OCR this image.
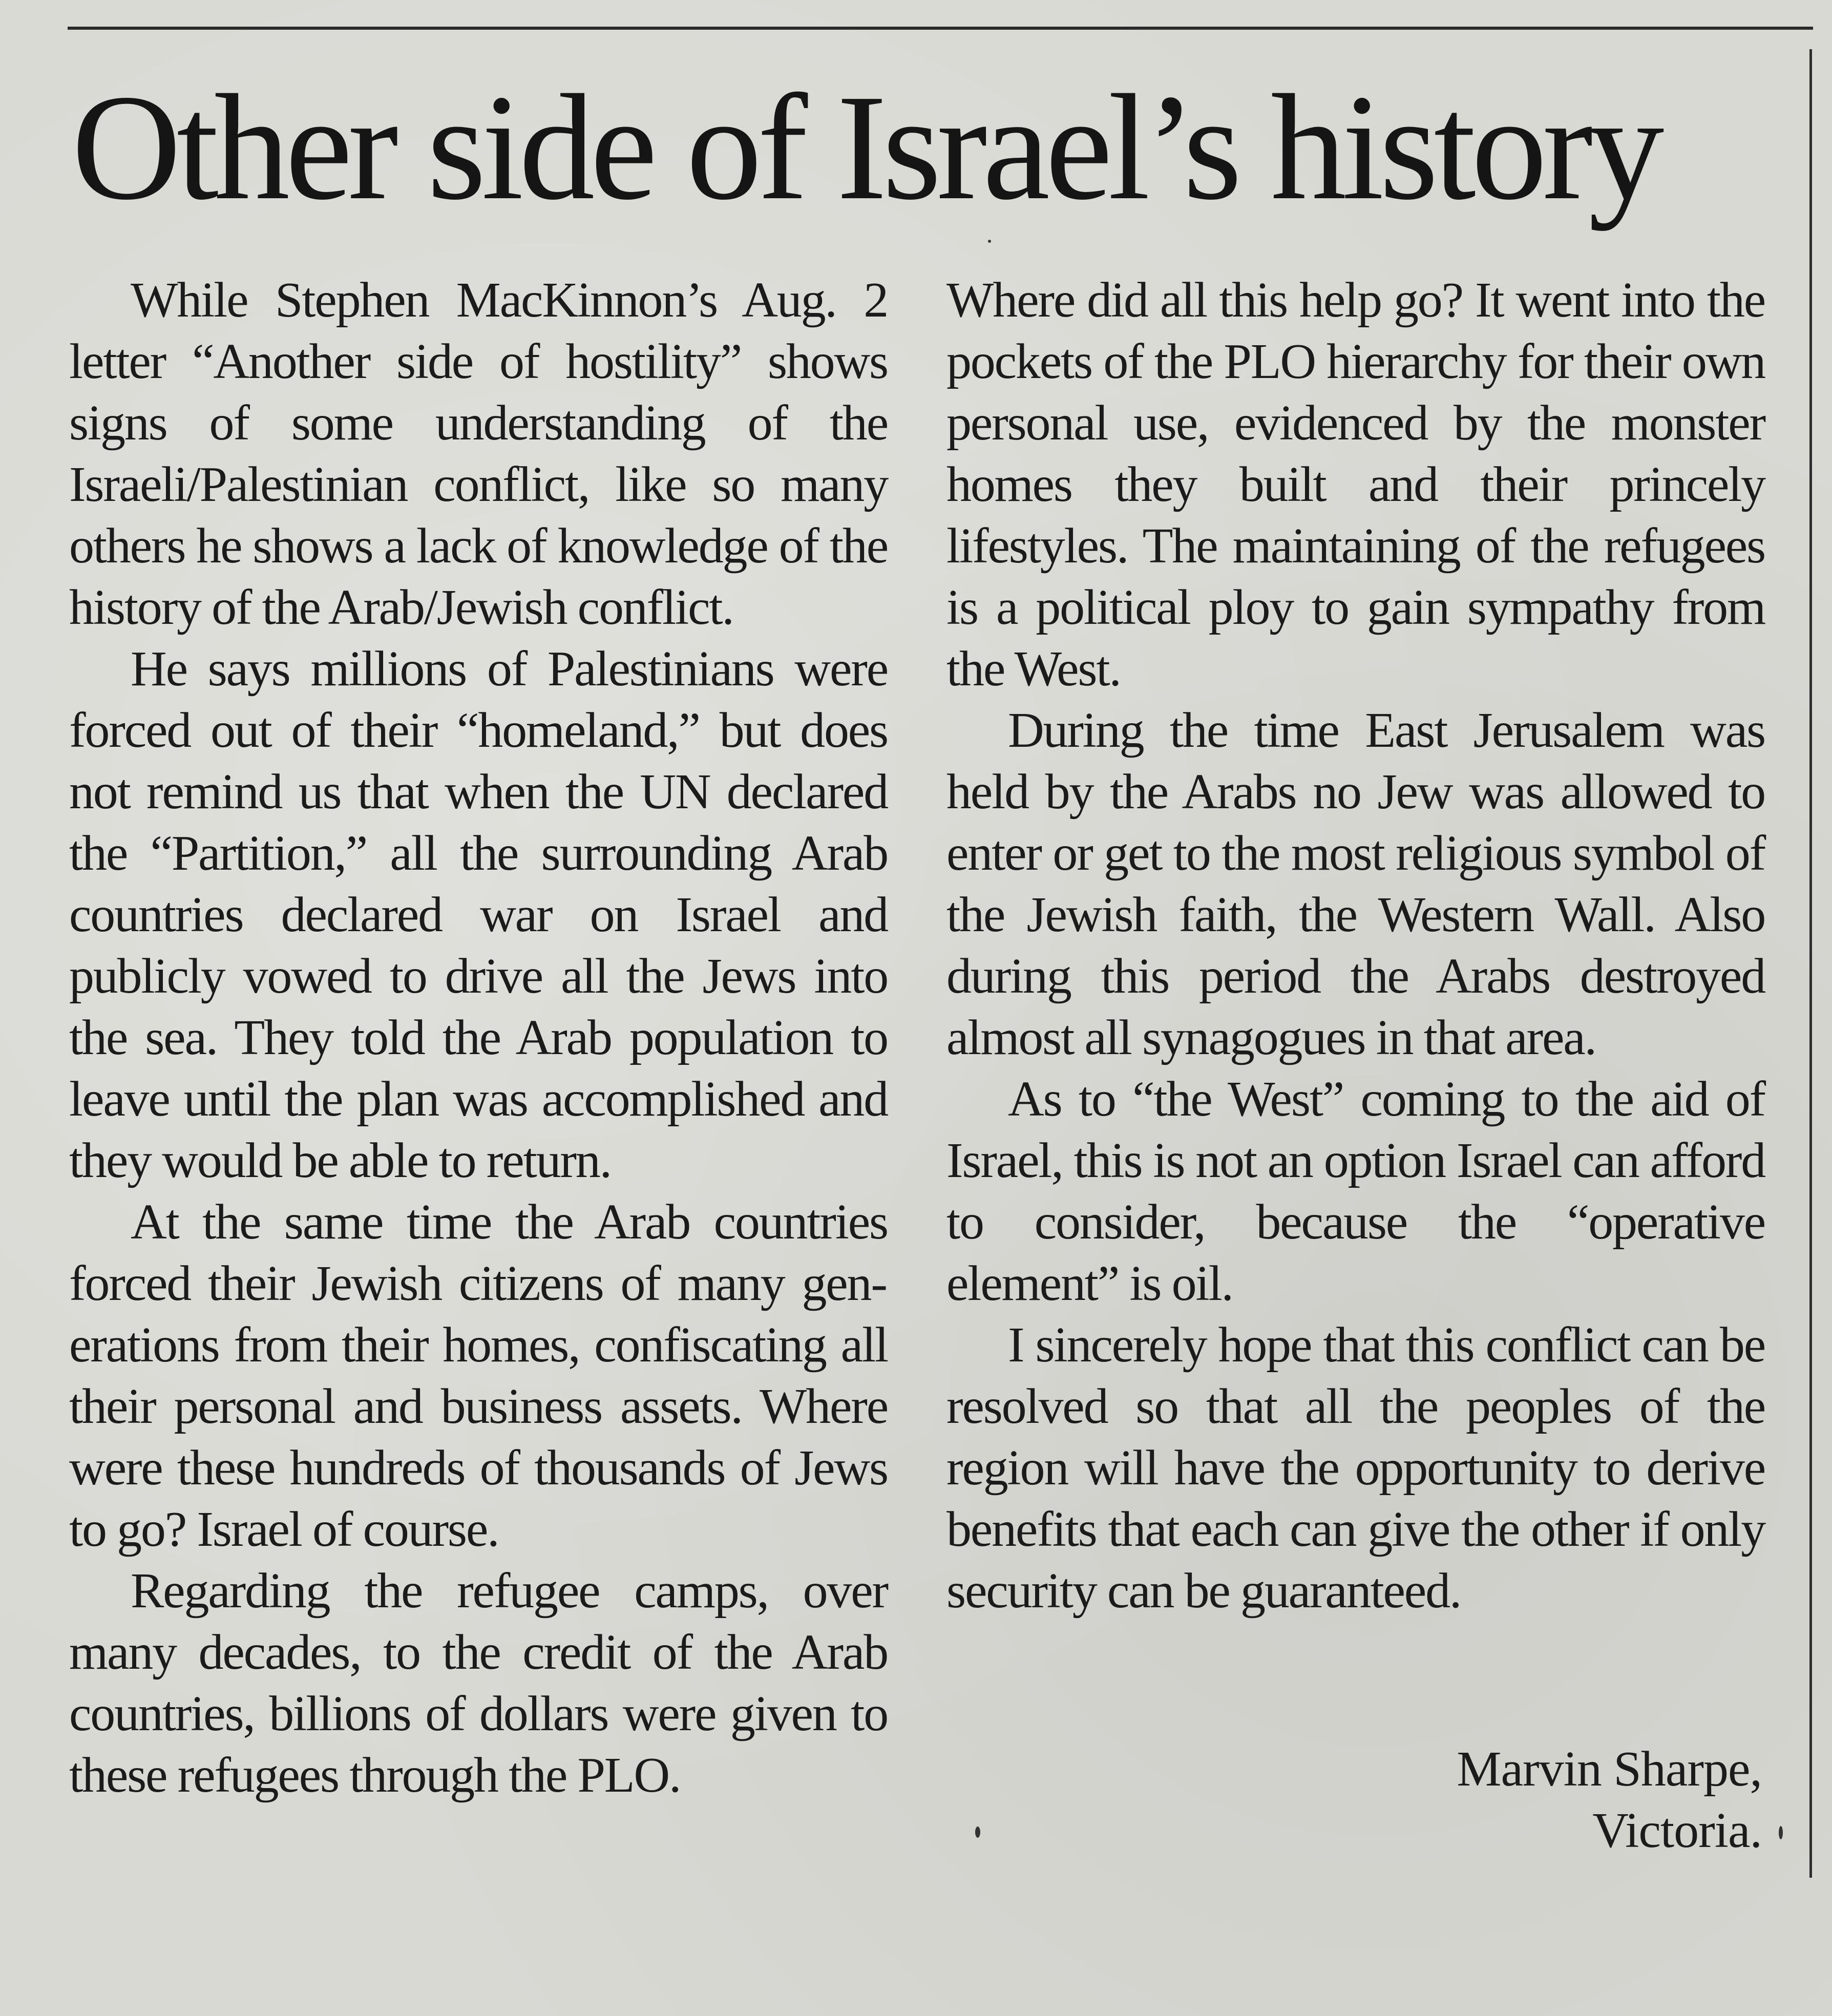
Other side of Israel’s history

While Stephen MacKinnon’s Aug. 2 letter “Another side of hostility” shows signs of some understanding of the Israeli/Palestinian conflict, like so many others he shows a lack of knowledge of the history of the Arab/Jewish conflict.

He says millions of Palestinians were forced out of their “homeland,” but does not remind us that when the UN declared the “Partition,” all the surrounding Arab countries declared war on Israel and publicly vowed to drive all the Jews into the sea. They told the Arab population to leave until the plan was accomplished and they would be able to return.

At the same time the Arab countries forced their Jewish citizens of many generations from their homes, confiscating all their personal and business assets. Where were these hundreds of thousands of Jews to go? Israel of course.

Regarding the refugee camps, over many decades, to the credit of the Arab countries, billions of dollars were given to these refugees through the PLO.

Where did all this help go? It went into the pockets of the PLO hierarchy for their own personal use, evidenced by the monster homes they built and their princely lifestyles. The maintaining of the refugees is a political ploy to gain sympathy from the West.

During the time East Jerusalem was held by the Arabs no Jew was allowed to enter or get to the most religious symbol of the Jewish faith, the Western Wall. Also during this period the Arabs destroyed almost all synagogues in that area.

As to “the West” coming to the aid of Israel, this is not an option Israel can afford to consider, because the “operative element” is oil.

I sincerely hope that this conflict can be resolved so that all the peoples of the region will have the opportunity to derive benefits that each can give the other if only security can be guaranteed.

Marvin Sharpe,
Victoria.
